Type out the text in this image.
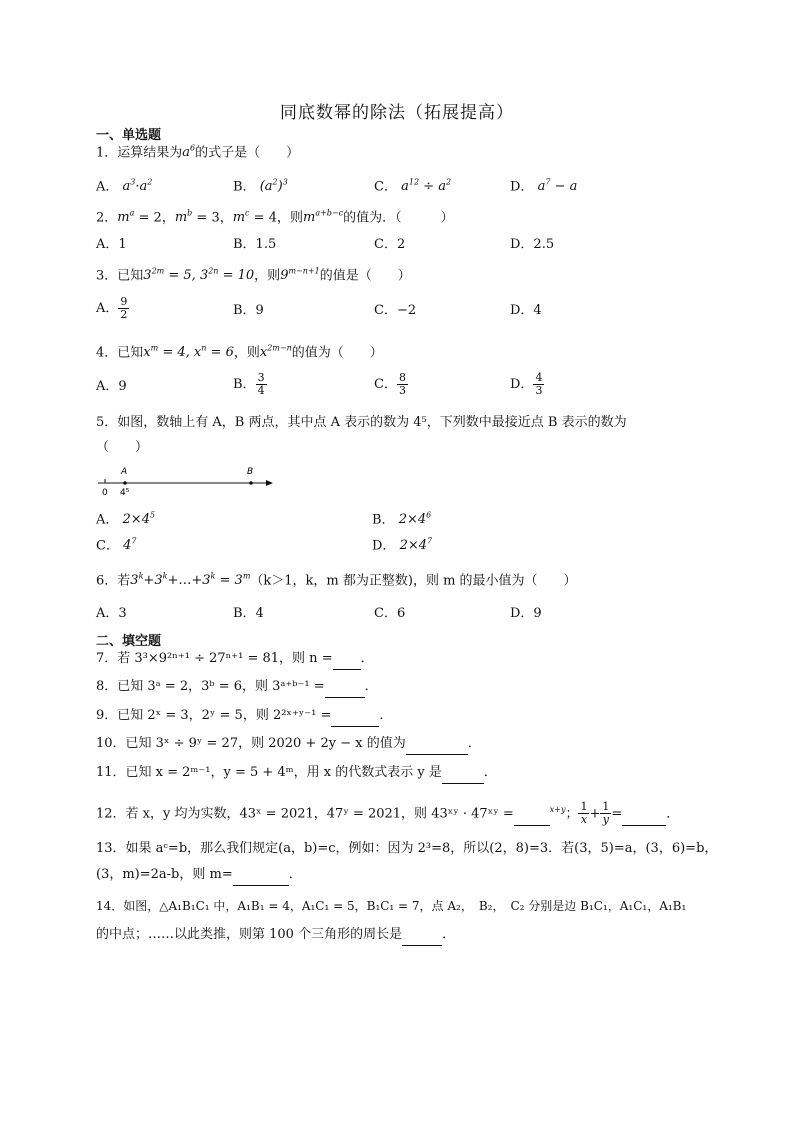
同底数幂的除法（拓展提高）
一、单选题
1．运算结果为$a^6$的式子是（　　）
A． $a^3\cdot a^2$	B． $(a^2)^3$	C． $a^{12} \div a^2$	D． $a^7 - a$
2．$m^a = 2$，$m^b = 3$，$m^c = 4$，则$m^{a+b-c}$的值为．（　　　）
A．1	B．1.5	C．2	D．2.5
3．已知$3^{2m} = 5$, $3^{2n} = 10$，则$9^{m-n+1}$的值是（　　）
A． $\frac{9}{2}$	B．9	C．−2	D．4
4．已知$x^m = 4$, $x^n = 6$，则$x^{2m-n}$的值为（　　）
A．9	B． $\frac{3}{4}$	C． $\frac{8}{3}$	D． $\frac{4}{3}$
5．如图，数轴上有 A，B 两点，其中点 A 表示的数为 4⁵，下列数中最接近点 B 表示的数为
（　　）
A	B
0 4⁵
A． $2\times 4^5$	B． $2\times 4^6$
C． $4^7$	D． $2\times 4^7$
6．若$3^k+3^k+\dots+3^k = 3^m(k>1$，k，m 都为正整数)，则 m 的最小值为（　　）
A．3	B．4	C．6	D．9
二、填空题
7．若 3³×9²ⁿ⁺¹ ÷ 27ⁿ⁺¹ = 81，则 n = ．
8．已知 3ᵃ = 2，3ᵇ = 6，则 3ᵃ⁺ᵇ⁻¹ =	．
9．已知 2ˣ = 3，2ʸ = 5，则 2²ˣ⁺ʸ⁻¹ =	．
10．已知 3ˣ ÷ 9ʸ = 27，则 2020 + 2y − x 的值为	．
11．已知 x = 2ᵐ⁻¹，y = 5 + 4ᵐ，用 x 的代数式表示 y 是	．
12．若 x，y 均为实数，43ˣ = 2021，47ʸ = 2021，则 43ˣʸ · 47ˣʸ =	$^{x+y}$； $\frac{1}{x} + \frac{1}{y}$ =	．
13．如果 aᶜ=b，那么我们规定(a，b)=c，例如：因为 2³=8，所以(2，8)=3．若(3，5)=a，(3，6)=b，
(3，m)=2a-b，则 m=	．
14．如图，△A₁B₁C₁ 中，A₁B₁ = 4，A₁C₁ = 5，B₁C₁ = 7，点 A₂，　B₂，　C₂ 分别是边 B₁C₁，A₁C₁，A₁B₁
的中点；……以此类推，则第 100 个三角形的周长是	．
